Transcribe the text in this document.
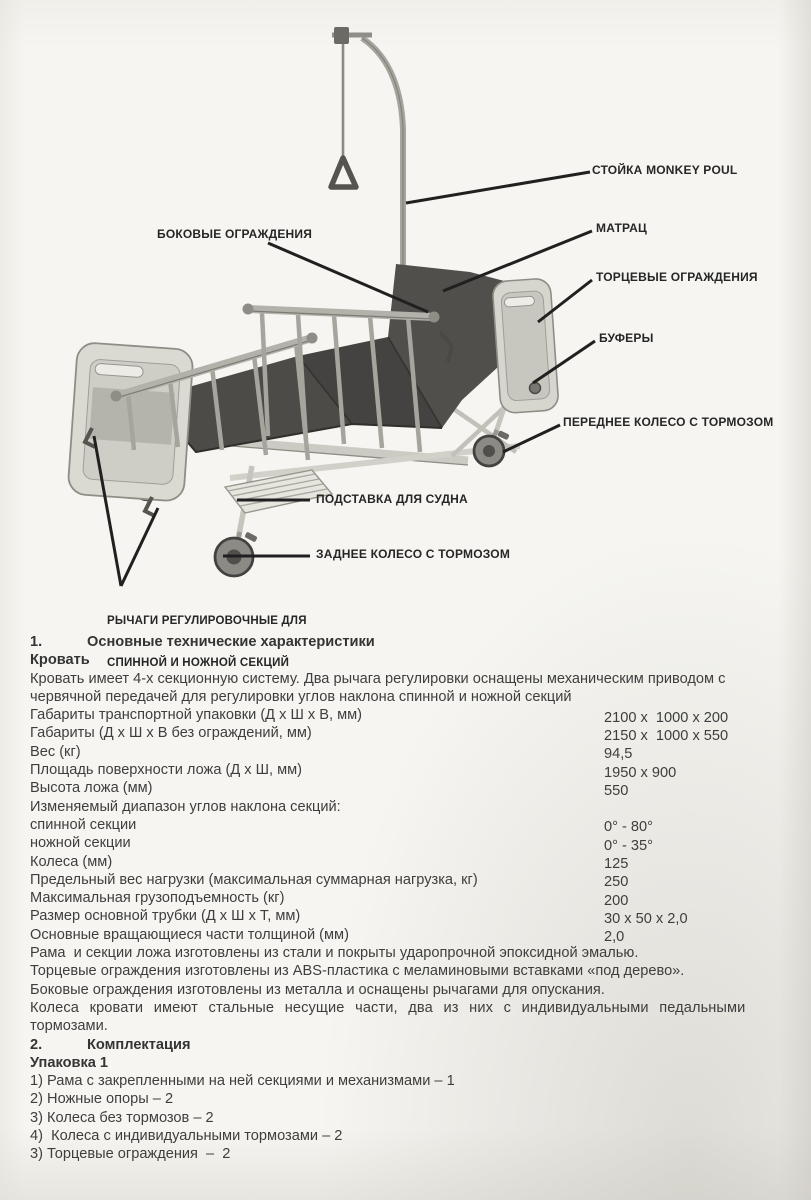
БОКОВЫЕ ОГРАЖДЕНИЯ
СТОЙКА MONKEY POUL
МАТРАЦ
ТОРЦЕВЫЕ ОГРАЖДЕНИЯ
БУФЕРЫ
ПЕРЕДНЕЕ КОЛЕСО С ТОРМОЗОМ
ПОДСТАВКА ДЛЯ СУДНА
ЗАДНЕЕ КОЛЕСО С ТОРМОЗОМ

РЫЧАГИ РЕГУЛИРОВОЧНЫЕ ДЛЯ

СПИННОЙ И НОЖНОЙ СЕКЦИЙ

1.	Основные технические характеристики
Кровать
Кровать имеет 4-х секционную систему. Два рычага регулировки оснащены механическим приводом с
червячной передачей для регулировки углов наклона спинной и ножной секций
Габариты транспортной упаковки (Д х Ш х В, мм)	2100 x  1000 x 200
Габариты (Д х Ш х В без ограждений, мм)	2150 x  1000 x 550
Вес (кг)	94,5
Площадь поверхности ложа (Д х Ш, мм)	1950 x 900
Высота ложа (мм)	550
Изменяемый диапазон углов наклона секций:
спинной секции	0° - 80°
ножной секции	0° - 35°
Колеса (мм)	125
Предельный вес нагрузки (максимальная суммарная нагрузка, кг)	250
Максимальная грузоподъемность (кг)	200
Размер основной трубки (Д х Ш х Т, мм)	30 x 50 x 2,0
Основные вращающиеся части толщиной (мм)	2,0
Рама  и секции ложа изготовлены из стали и покрыты ударопрочной эпоксидной эмалью.
Торцевые ограждения изготовлены из ABS-пластика с меламиновыми вставками «под дерево».
Боковые ограждения изготовлены из металла и оснащены рычагами для опускания.
Колеса кровати имеют стальные несущие части, два из них с индивидуальными педальными
тормозами.
2.	Комплектация
Упаковка 1
1) Рама с закрепленными на ней секциями и механизмами – 1
2) Ножные опоры – 2
3) Колеса без тормозов – 2
4)  Колеса с индивидуальными тормозами – 2
3) Торцевые ограждения  –  2
